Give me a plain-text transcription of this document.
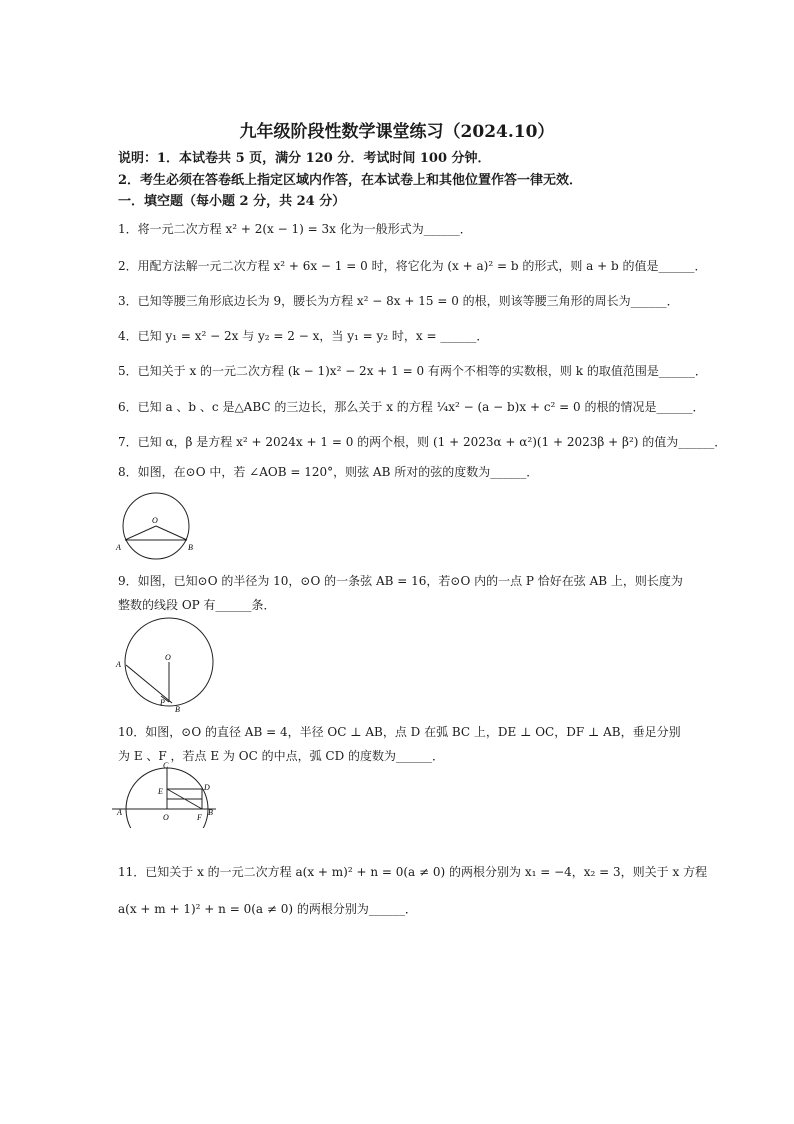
九年级阶段性数学课堂练习（2024.10）
说明：1．本试卷共 5 页，满分 120 分．考试时间 100 分钟．
2．考生必须在答卷纸上指定区域内作答，在本试卷上和其他位置作答一律无效．
一．填空题（每小题 2 分，共 24 分）
1．将一元二次方程 x² + 2(x − 1) = 3x 化为一般形式为______．
2．用配方法解一元二次方程 x² + 6x − 1 = 0 时，将它化为 (x + a)² = b 的形式，则 a + b 的值是______．
3．已知等腰三角形底边长为 9，腰长为方程 x² − 8x + 15 = 0 的根，则该等腰三角形的周长为______．
4．已知 y₁ = x² − 2x 与 y₂ = 2 − x，当 y₁ = y₂ 时，x = ______．
5．已知关于 x 的一元二次方程 (k − 1)x² − 2x + 1 = 0 有两个不相等的实数根，则 k 的取值范围是______．
6．已知 a 、b 、c 是△ABC 的三边长，那么关于 x 的方程 ¼x² − (a − b)x + c² = 0 的根的情况是______．
7．已知 α，β 是方程 x² + 2024x + 1 = 0 的两个根，则 (1 + 2023α + α²)(1 + 2023β + β²) 的值为______．
8．如图，在⊙O 中，若 ∠AOB = 120°，则弦 AB 所对的弦的度数为______．
O
A	B
9．如图，已知⊙O 的半径为 10，⊙O 的一条弦 AB = 16，若⊙O 内的一点 P 恰好在弦 AB 上，则长度为
整数的线段 OP 有______条．
O
A
P
B
10．如图，⊙O 的直径 AB = 4，半径 OC ⊥ AB，点 D 在弧 BC 上，DE ⊥ OC，DF ⊥ AB，垂足分别
为 E 、F ，若点 E 为 OC 的中点，弧 CD 的度数为______．
C
D
E
A
O	F
B
11．已知关于 x 的一元二次方程 a(x + m)² + n = 0(a ≠ 0) 的两根分别为 x₁ = −4，x₂ = 3，则关于 x 方程
a(x + m + 1)² + n = 0(a ≠ 0) 的两根分别为______．
